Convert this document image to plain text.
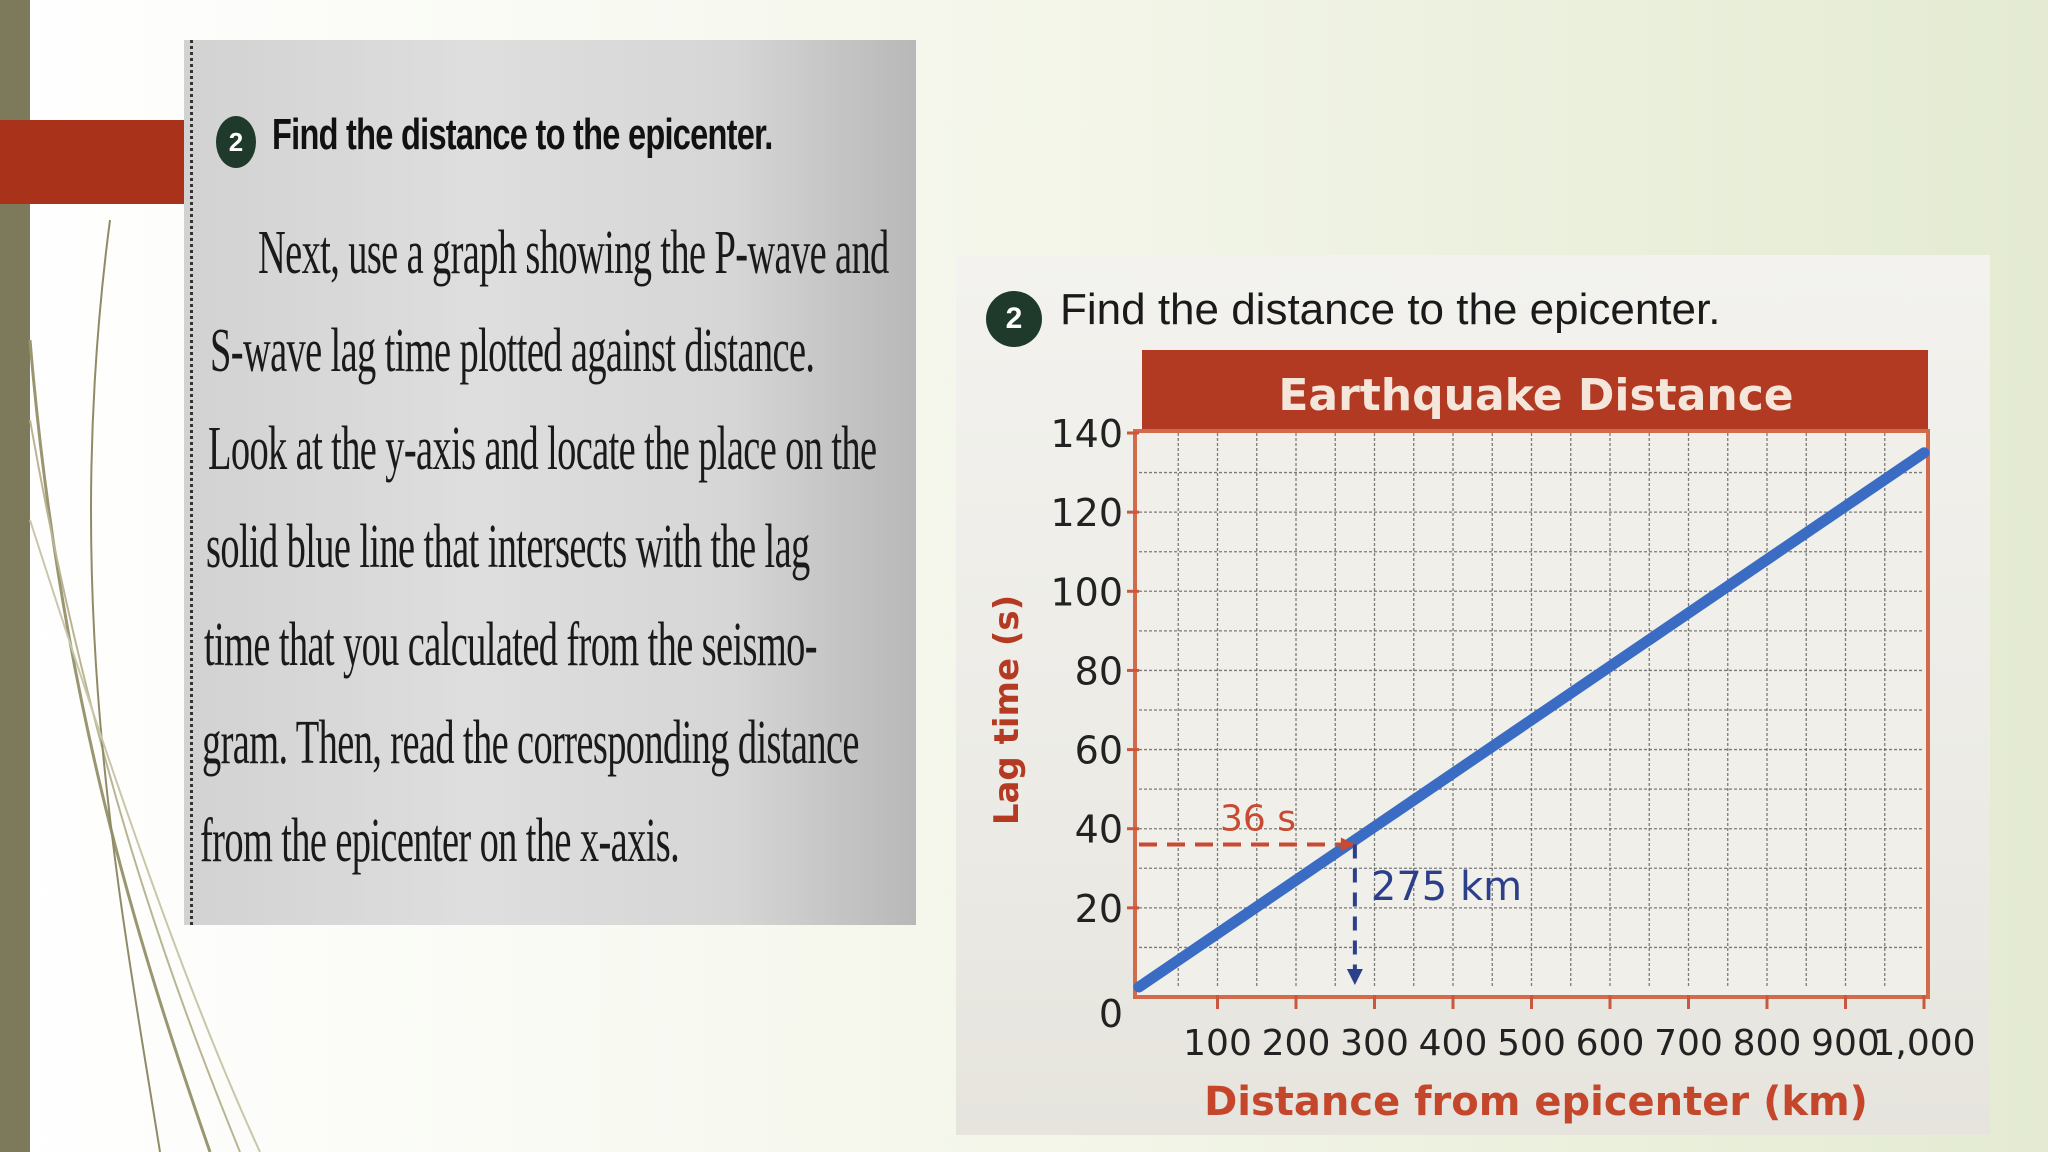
2 Find the distance to the epicenter.
Next, use a graph showing the P-wave and
S-wave lag time plotted against distance.
Look at the y-axis and locate the place on the
solid blue line that intersects with the lag
time that you calculated from the seismo-
gram. Then, read the corresponding distance
from the epicenter on the x-axis.
2 Find the distance to the epicenter.
Earthquake Distance
0
20
40
60
80
100
120
140
100 200 300 400 500 600 700 800 900
1,000
Distance from epicenter (km)
Lag time (s)	36 s
275 km
